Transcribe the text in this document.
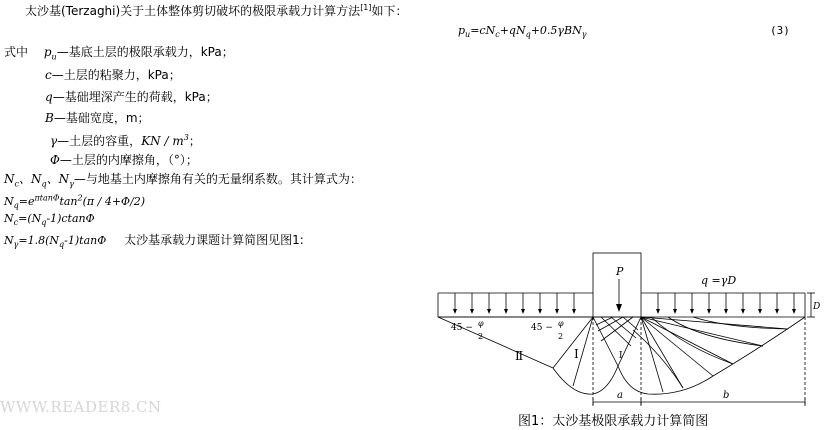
太沙基(Terzaghi)关于土体整体剪切破坏的极限承载力计算方法[1]如下：
$p_u=cN_c+qN_q+0.5\gamma BN_\gamma$	(3)
式中 $p_u—$基底土层的极限承载力，kPa；
c—土层的粘聚力，kPa；
q—基础埋深产生的荷载，kPa；
B—基础宽度，m；
γ—土层的容重，KN / $m^3$；
Φ—土层的内摩擦角，（°）；
$N_c$、$N_q$、$N_\gamma—$与地基土内摩擦角有关的无量纲系数。其计算式为：
$N_q=e^{\pi tan\Phi}\tan^2(\pi / 4+\Phi/2)$
$N_c=(N_q-1)ctan\Phi$
$N_\gamma=1.8(N_q-1)\tan\Phi$ 太沙基承载力课题计算简图见图1:
P
q =γD
D
45 − φ
2
45 − φ
2
Ⅱ	Ⅰ	Ⅰ
a	b
WWW.READER8.CN
图1：太沙基极限承载力计算简图
